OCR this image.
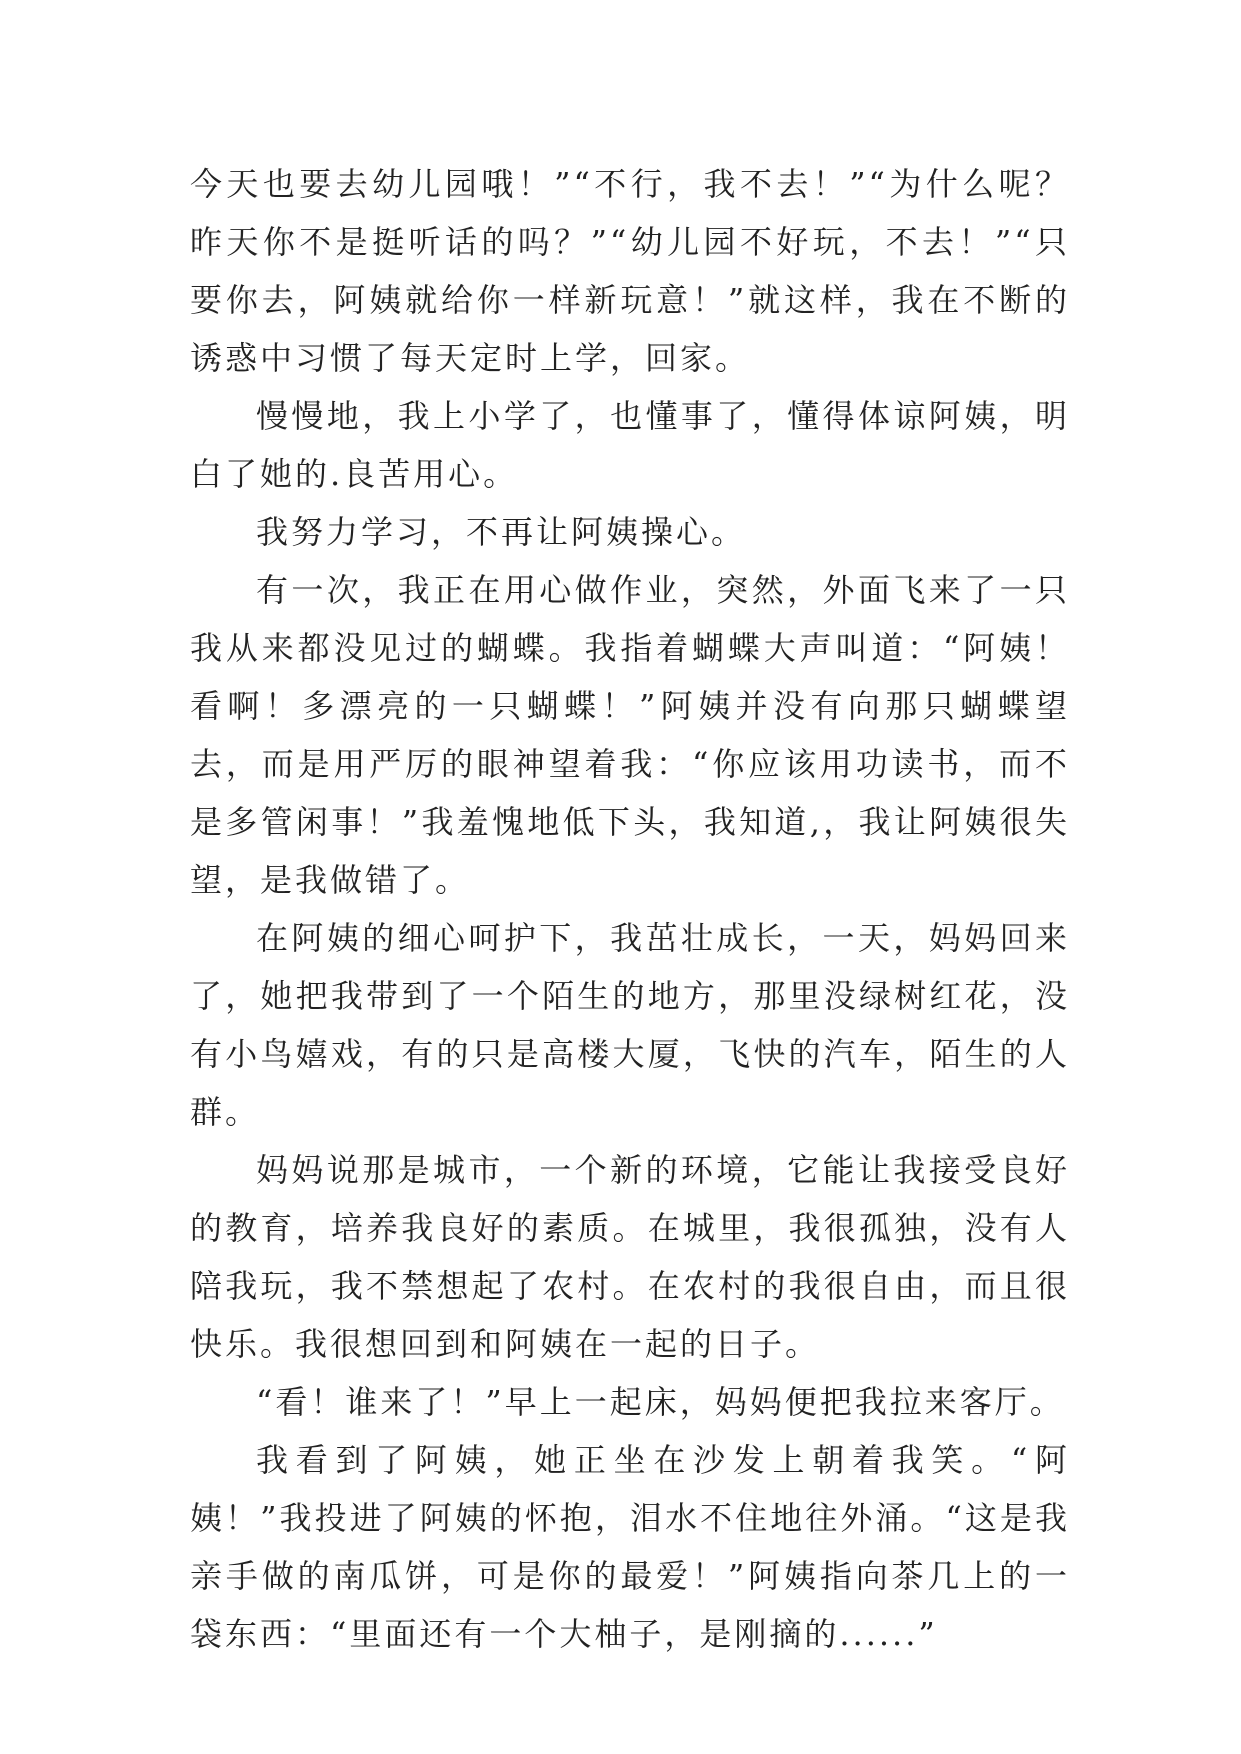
今天也要去幼儿园哦！”“不行，我不去！”“为什么呢？昨天你不是挺听话的吗？”“幼儿园不好玩，不去！”“只要你去，阿姨就给你一样新玩意！”就这样，我在不断的诱惑中习惯了每天定时上学，回家。

慢慢地，我上小学了，也懂事了，懂得体谅阿姨，明白了她的.良苦用心。

我努力学习，不再让阿姨操心。

有一次，我正在用心做作业，突然，外面飞来了一只我从来都没见过的蝴蝶。我指着蝴蝶大声叫道：“阿姨！看啊！多漂亮的一只蝴蝶！”阿姨并没有向那只蝴蝶望去，而是用严厉的眼神望着我：“你应该用功读书，而不是多管闲事！”我羞愧地低下头，我知道,，我让阿姨很失望，是我做错了。

在阿姨的细心呵护下，我茁壮成长，一天，妈妈回来了，她把我带到了一个陌生的地方，那里没绿树红花，没有小鸟嬉戏，有的只是高楼大厦，飞快的汽车，陌生的人群。

妈妈说那是城市，一个新的环境，它能让我接受良好的教育，培养我良好的素质。在城里，我很孤独，没有人陪我玩，我不禁想起了农村。在农村的我很自由，而且很快乐。我很想回到和阿姨在一起的日子。

“看！谁来了！”早上一起床，妈妈便把我拉来客厅。

我看到了阿姨，她正坐在沙发上朝着我笑。“阿姨！”我投进了阿姨的怀抱，泪水不住地往外涌。“这是我亲手做的南瓜饼，可是你的最爱！”阿姨指向茶几上的一袋东西：“里面还有一个大柚子，是刚摘的......”
